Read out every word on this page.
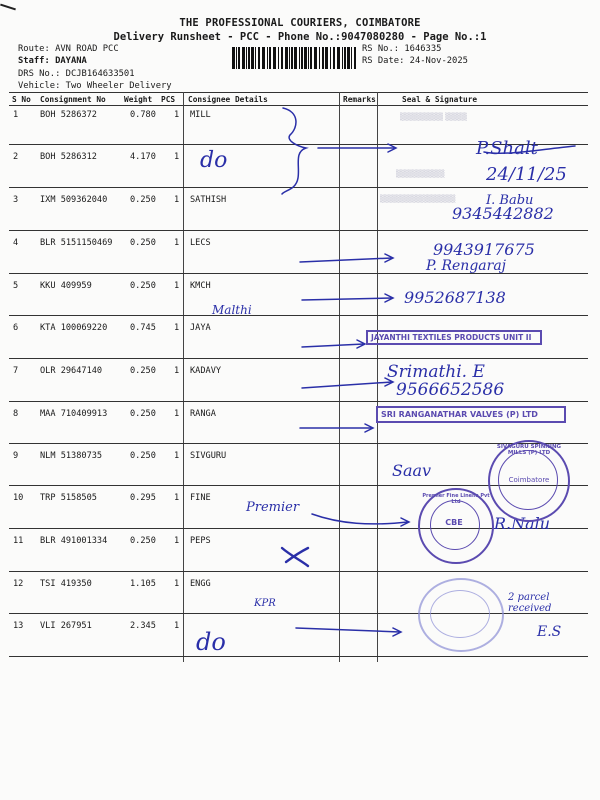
THE PROFESSIONAL COURIERS, COIMBATORE
Delivery Runsheet - PCC - Phone No.:9047080280 - Page No.:1
Route: AVN ROAD PCC
Staff: DAYANA
DRS No.: DCJB164633501
Vehicle: Two Wheeler Delivery
RS No.: 1646335
RS Date: 24-Nov-2025
S No Consignment No Weight PCS Consignee Details	Remarks	Seal & Signature
1	BOH 5286372	0.780 1 MILL
2	BOH 5286312	4.170 1
3	IXM 509362040	0.250 1 SATHISH
4	BLR 5151150469 0.250 1 LECS
5	KKU 409959	0.250 1 KMCH
6	KTA 100069220	0.745 1 JAYA
7	OLR 29647140	0.250 1 KADAVY
8	MAA 710409913	0.250 1 RANGA
9	NLM 51380735	0.250 1 SIVGURU
10 TRP 5158505	0.295 1 FINE
11 BLR 491001334	0.250 1 PEPS
12 TSI 419350	1.105 1 ENGG
13 VLI 267951	2.345 1
▒▒▒▒▒▒▒▒ ▒▒▒▒
▒▒▒▒▒▒▒▒▒
▒▒▒▒▒▒▒▒▒▒▒▒▒▒
do	P.Shalt
24/11/25
I. Babu
9345442882
9943917675
P. Rengaraj
9952687138
Malthi
Srimathi. E
9566652586
Saav
Premier
R.Nalu
KPR
do
2 parcel received
E.S
JAYANTHI TEXTILES PRODUCTS UNIT II
SRI RANGANATHAR VALVES (P) LTD
SIVAGURU SPINNING MILLS (P) LTD
Coimbatore
Premier Fine Linens Pvt Ltd
CBE
